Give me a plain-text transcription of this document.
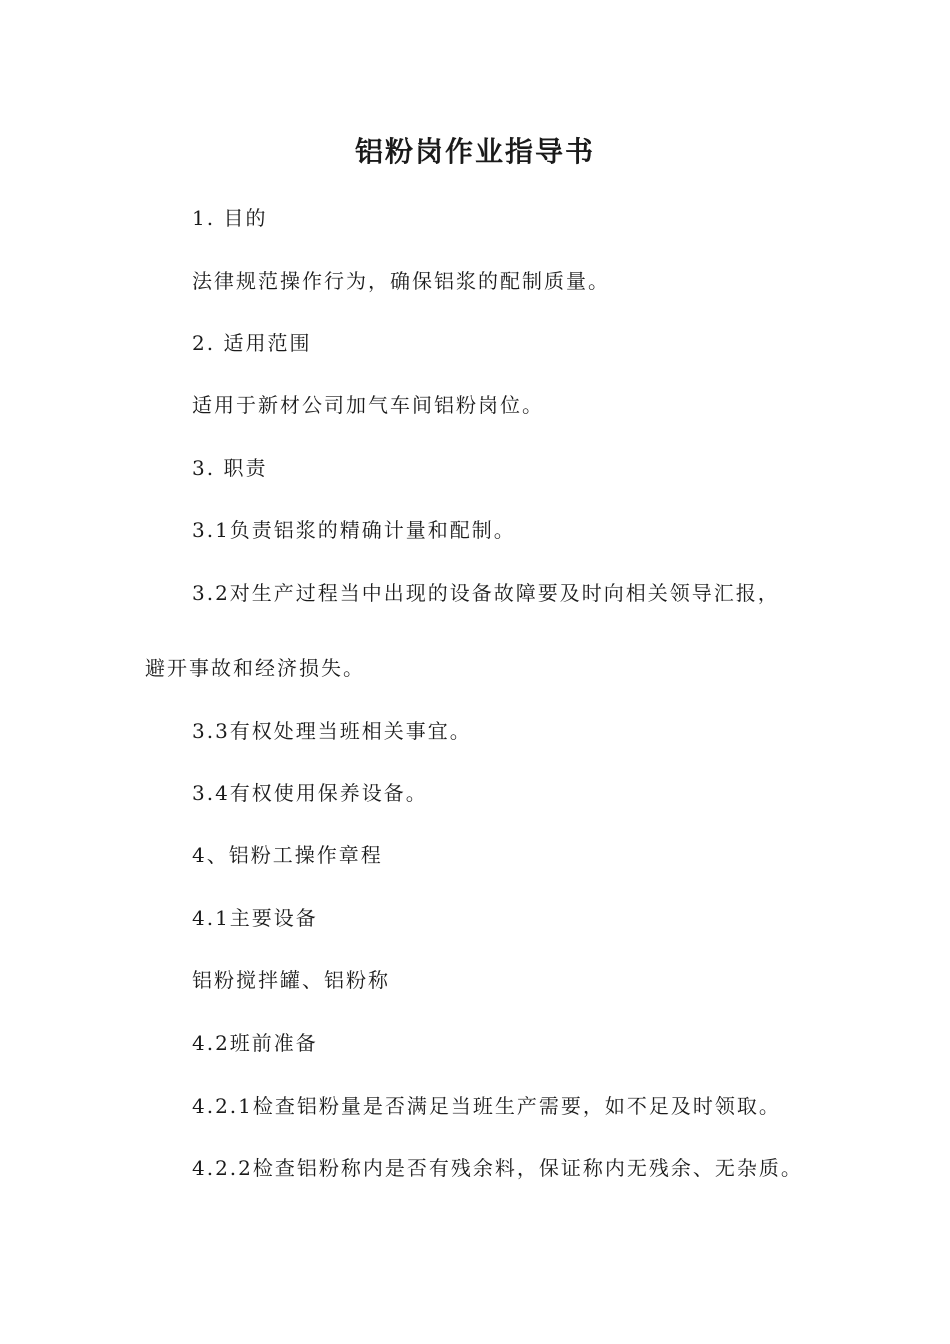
铝粉岗作业指导书
1. 目的
法律规范操作行为，确保铝浆的配制质量。
2. 适用范围
适用于新材公司加气车间铝粉岗位。
3. 职责
3.1负责铝浆的精确计量和配制。
3.2对生产过程当中出现的设备故障要及时向相关领导汇报，
避开事故和经济损失。
3.3有权处理当班相关事宜。
3.4有权使用保养设备。
4、铝粉工操作章程
4.1主要设备
铝粉搅拌罐、铝粉称
4.2班前准备
4.2.1检查铝粉量是否满足当班生产需要，如不足及时领取。
4.2.2检查铝粉称内是否有残余料，保证称内无残余、无杂质。
